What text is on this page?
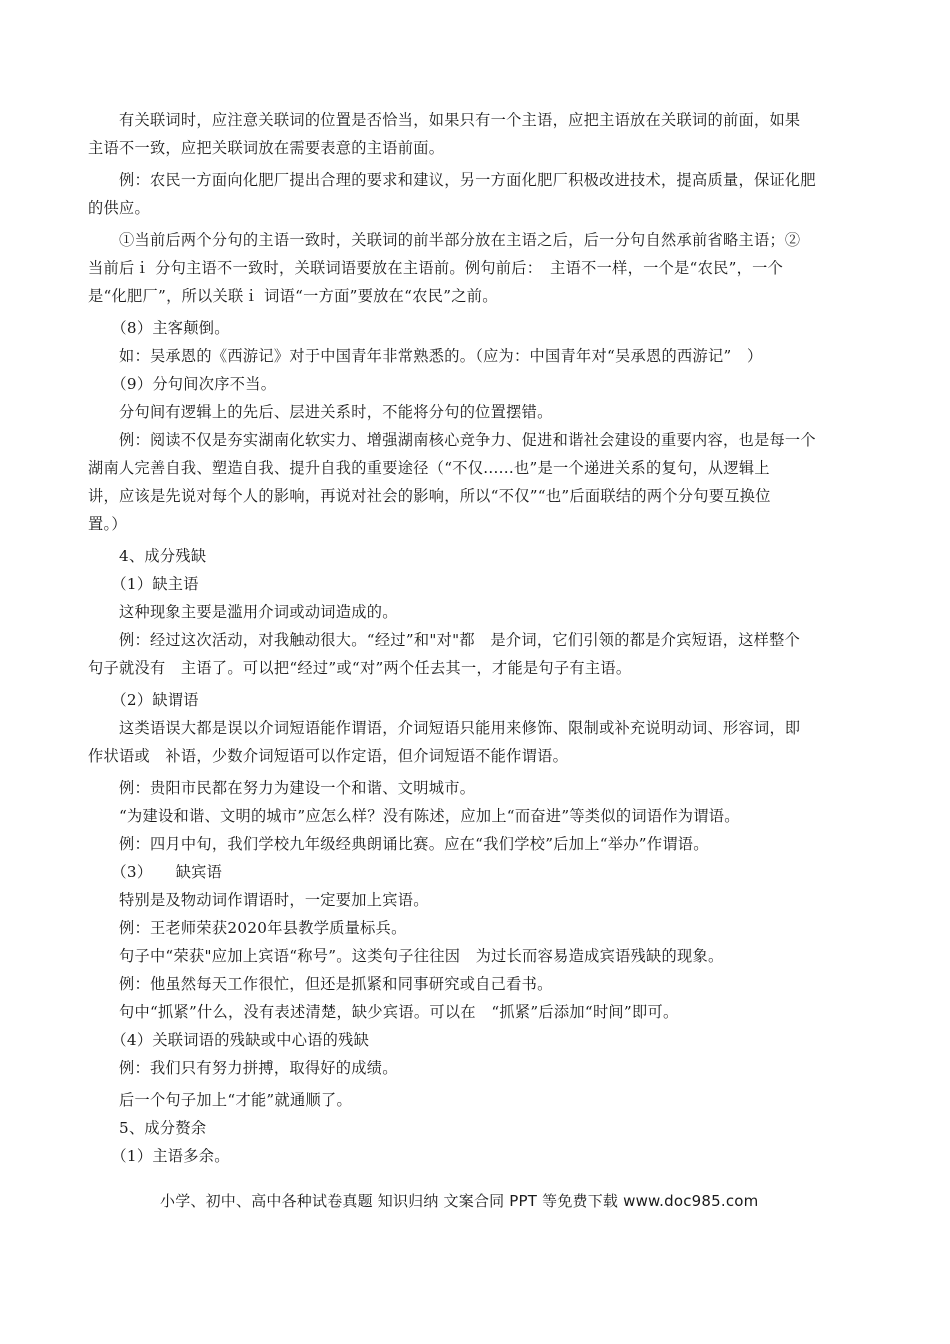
　　有关联词时，应注意关联词的位置是否恰当，如果只有一个主语，应把主语放在关联词的前面，如果
主语不一致，应把关联词放在需要表意的主语前面。
　　例：农民一方面向化肥厂提出合理的要求和建议，另一方面化肥厂积极改进技术，提高质量，保证化肥
的供应。
　　①当前后两个分句的主语一致时，关联词的前半部分放在主语之后，后一分句自然承前省略主语；②
当前后ｉ 分句主语不一致时，关联词语要放在主语前。例句前后：　主语不一样，一个是“农民”，一个
是“化肥厂”，所以关联ｉ 词语“一方面”要放在“农民”之前。
　　（8）主客颠倒。
　　如：吴承恩的《西游记》对于中国青年非常熟悉的。（应为：中国青年对“吴承恩的西游记”　）
　　（9）分句间次序不当。
　　分句间有逻辑上的先后、层进关系时，不能将分句的位置摆错。
　　例：阅读不仅是夯实湖南化软实力、增强湖南核心竞争力、促进和谐社会建设的重要内容，也是每一个
湖南人完善自我、塑造自我、提升自我的重要途径（“不仅......也”是一个递进关系的复句，从逻辑上
讲，应该是先说对每个人的影响，再说对社会的影响，所以“不仅”“也”后面联结的两个分句要互换位
置。）
　　4、成分残缺
　　（1）缺主语
　　这种现象主要是滥用介词或动词造成的。
　　例：经过这次活动，对我触动很大。“经过”和"对"都　是介词，它们引领的都是介宾短语，这样整个
句子就没有　主语了。可以把“经过”或“对”两个任去其一，才能是句子有主语。
　　（2）缺谓语
　　这类语误大都是误以介词短语能作谓语，介词短语只能用来修饰、限制或补充说明动词、形容词，即
作状语或　补语，少数介词短语可以作定语，但介词短语不能作谓语。
　　例：贵阳市民都在努力为建设一个和谐、文明城市。
　　“为建设和谐、文明的城市”应怎么样？没有陈述，应加上“而奋进”等类似的词语作为谓语。
　　例：四月中旬，我们学校九年级经典朗诵比赛。应在“我们学校”后加上“举办”作谓语。
　　（3）　　缺宾语
　　特别是及物动词作谓语时，一定要加上宾语。
　　例：王老师荣获2020年县教学质量标兵。
　　句子中“荣获"应加上宾语“称号”。这类句子往往因　为过长而容易造成宾语残缺的现象。
　　例：他虽然每天工作很忙，但还是抓紧和同事研究或自己看书。
　　句中“抓紧”什么，没有表述清楚，缺少宾语。可以在　“抓紧”后添加“时间”即可。
　　（4）关联词语的残缺或中心语的残缺
　　例：我们只有努力拼搏，取得好的成绩。
　　后一个句子加上“才能”就通顺了。
　　5、成分赘余
　　（1）主语多余。
小学、初中、高中各种试卷真题 知识归纳 文案合同 PPT 等免费下载 www.doc985.com
